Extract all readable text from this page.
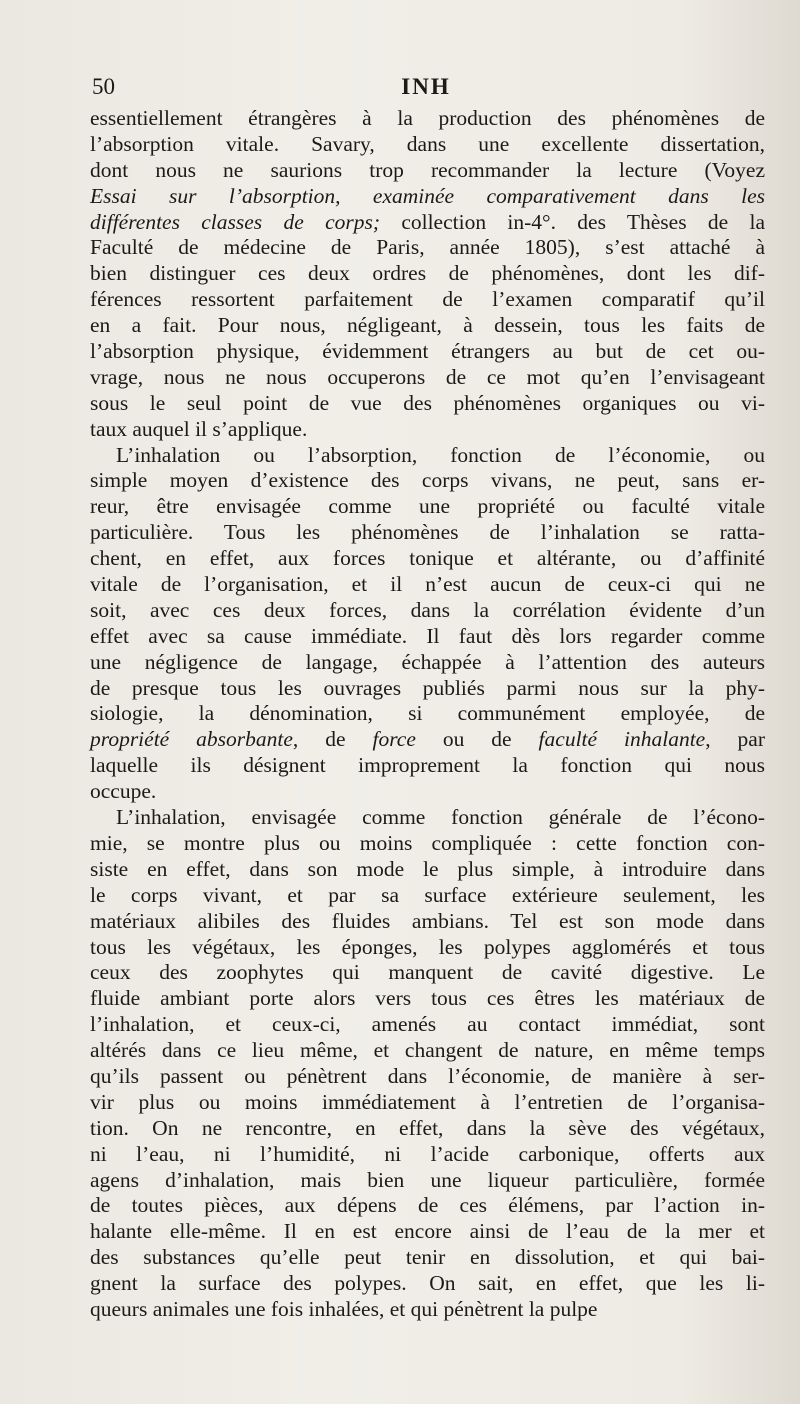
50	INH
essentiellement étrangères à la production des phénomènes de
l’absorption vitale. Savary, dans une excellente dissertation,
dont nous ne saurions trop recommander la lecture (Voyez
Essai sur l’absorption, examinée comparativement dans les
différentes classes de corps; collection in-4°. des Thèses de la
Faculté de médecine de Paris, année 1805), s’est attaché à
bien distinguer ces deux ordres de phénomènes, dont les dif-
férences ressortent parfaitement de l’examen comparatif qu’il
en a fait. Pour nous, négligeant, à dessein, tous les faits de
l’absorption physique, évidemment étrangers au but de cet ou-
vrage, nous ne nous occuperons de ce mot qu’en l’envisageant
sous le seul point de vue des phénomènes organiques ou vi-
taux auquel il s’applique.
L’inhalation ou l’absorption, fonction de l’économie, ou
simple moyen d’existence des corps vivans, ne peut, sans er-
reur, être envisagée comme une propriété ou faculté vitale
particulière. Tous les phénomènes de l’inhalation se ratta-
chent, en effet, aux forces tonique et altérante, ou d’affinité
vitale de l’organisation, et il n’est aucun de ceux-ci qui ne
soit, avec ces deux forces, dans la corrélation évidente d’un
effet avec sa cause immédiate. Il faut dès lors regarder comme
une négligence de langage, échappée à l’attention des auteurs
de presque tous les ouvrages publiés parmi nous sur la phy-
siologie, la dénomination, si communément employée, de
propriété absorbante, de force ou de faculté inhalante, par
laquelle ils désignent improprement la fonction qui nous
occupe.
L’inhalation, envisagée comme fonction générale de l’écono-
mie, se montre plus ou moins compliquée : cette fonction con-
siste en effet, dans son mode le plus simple, à introduire dans
le corps vivant, et par sa surface extérieure seulement, les
matériaux alibiles des fluides ambians. Tel est son mode dans
tous les végétaux, les éponges, les polypes agglomérés et tous
ceux des zoophytes qui manquent de cavité digestive. Le
fluide ambiant porte alors vers tous ces êtres les matériaux de
l’inhalation, et ceux-ci, amenés au contact immédiat, sont
altérés dans ce lieu même, et changent de nature, en même temps
qu’ils passent ou pénètrent dans l’économie, de manière à ser-
vir plus ou moins immédiatement à l’entretien de l’organisa-
tion. On ne rencontre, en effet, dans la sève des végétaux,
ni l’eau, ni l’humidité, ni l’acide carbonique, offerts aux
agens d’inhalation, mais bien une liqueur particulière, formée
de toutes pièces, aux dépens de ces élémens, par l’action in-
halante elle-même. Il en est encore ainsi de l’eau de la mer et
des substances qu’elle peut tenir en dissolution, et qui bai-
gnent la surface des polypes. On sait, en effet, que les li-
queurs animales une fois inhalées, et qui pénètrent la pulpe
